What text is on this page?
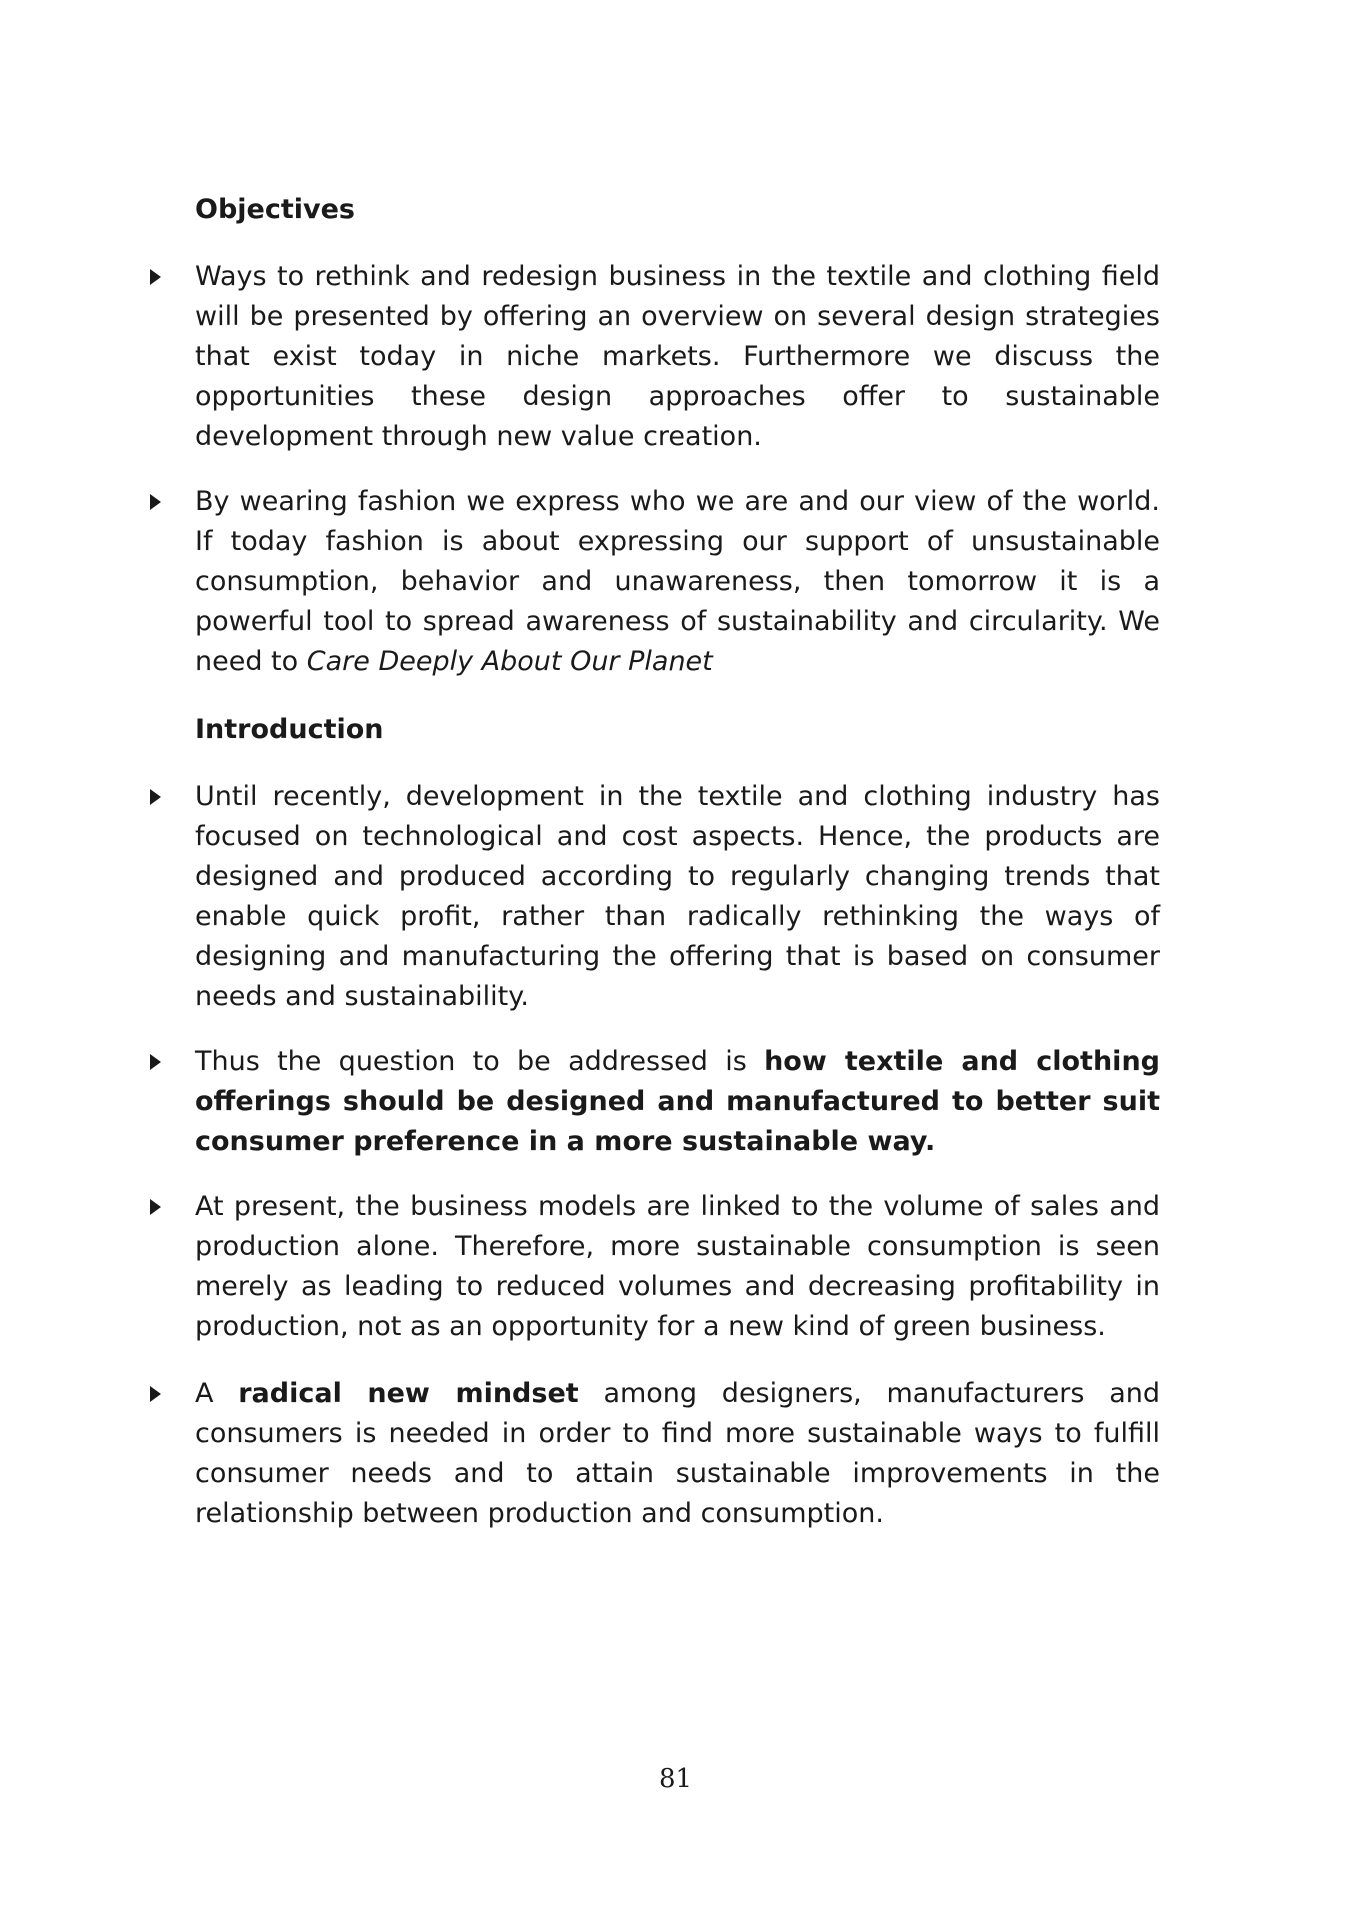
Objectives
Ways to rethink and redesign business in the textile and clothing field will be presented by offering an overview on several design strategies that exist today in niche markets. Furthermore we discuss the opportunities these design approaches offer to sustainable development through new value creation.
By wearing fashion we express who we are and our view of the world. If today fashion is about expressing our support of unsustainable consumption, behavior and unawareness, then tomorrow it is a powerful tool to spread awareness of sustainability and circularity. We need to Care Deeply About Our Planet
Introduction
Until recently, development in the textile and clothing industry has focused on technological and cost aspects. Hence, the products are designed and produced according to regularly changing trends that enable quick profit, rather than radically rethinking the ways of designing and manufacturing the offering that is based on consumer needs and sustainability.
Thus the question to be addressed is how textile and clothing offerings should be designed and manufactured to better suit consumer preference in a more sustainable way.
At present, the business models are linked to the volume of sales and production alone. Therefore, more sustainable consumption is seen merely as leading to reduced volumes and decreasing profitability in production, not as an opportunity for a new kind of green business.
A radical new mindset among designers, manufacturers and consumers is needed in order to find more sustainable ways to fulfill consumer needs and to attain sustainable improvements in the relationship between production and consumption.
81
